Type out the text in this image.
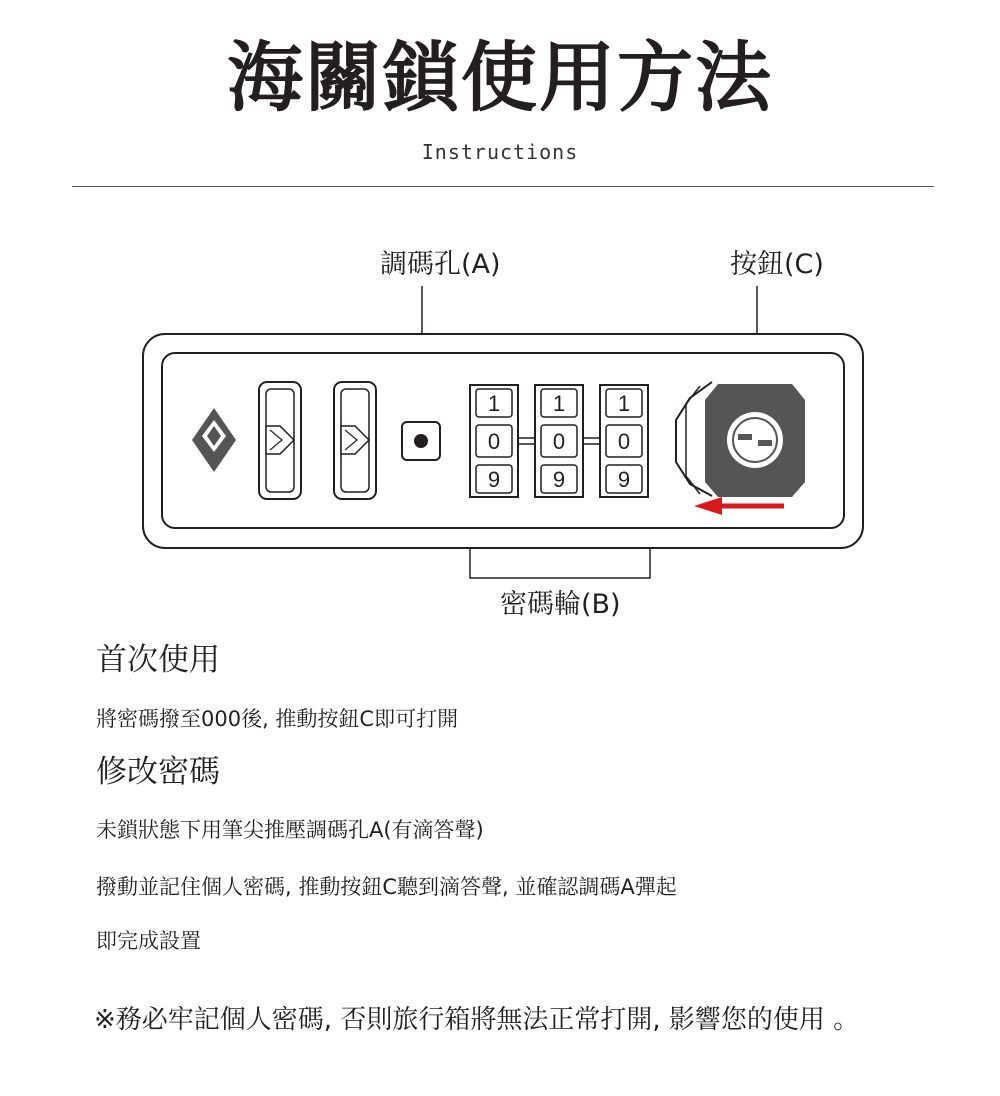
海關鎖使用方法
Instructions
調碼孔(A)	按鈕(C)
密碼輪(B)
1
0
9
1
0
9
1
0
9
首次使用
將密碼撥至000後, 推動按鈕C即可打開
修改密碼
未鎖狀態下用筆尖推壓調碼孔A(有滴答聲)
撥動並記住個人密碼, 推動按鈕C聽到滴答聲, 並確認調碼A彈起
即完成設置
※務必牢記個人密碼, 否則旅行箱將無法正常打開, 影響您的使用 。
